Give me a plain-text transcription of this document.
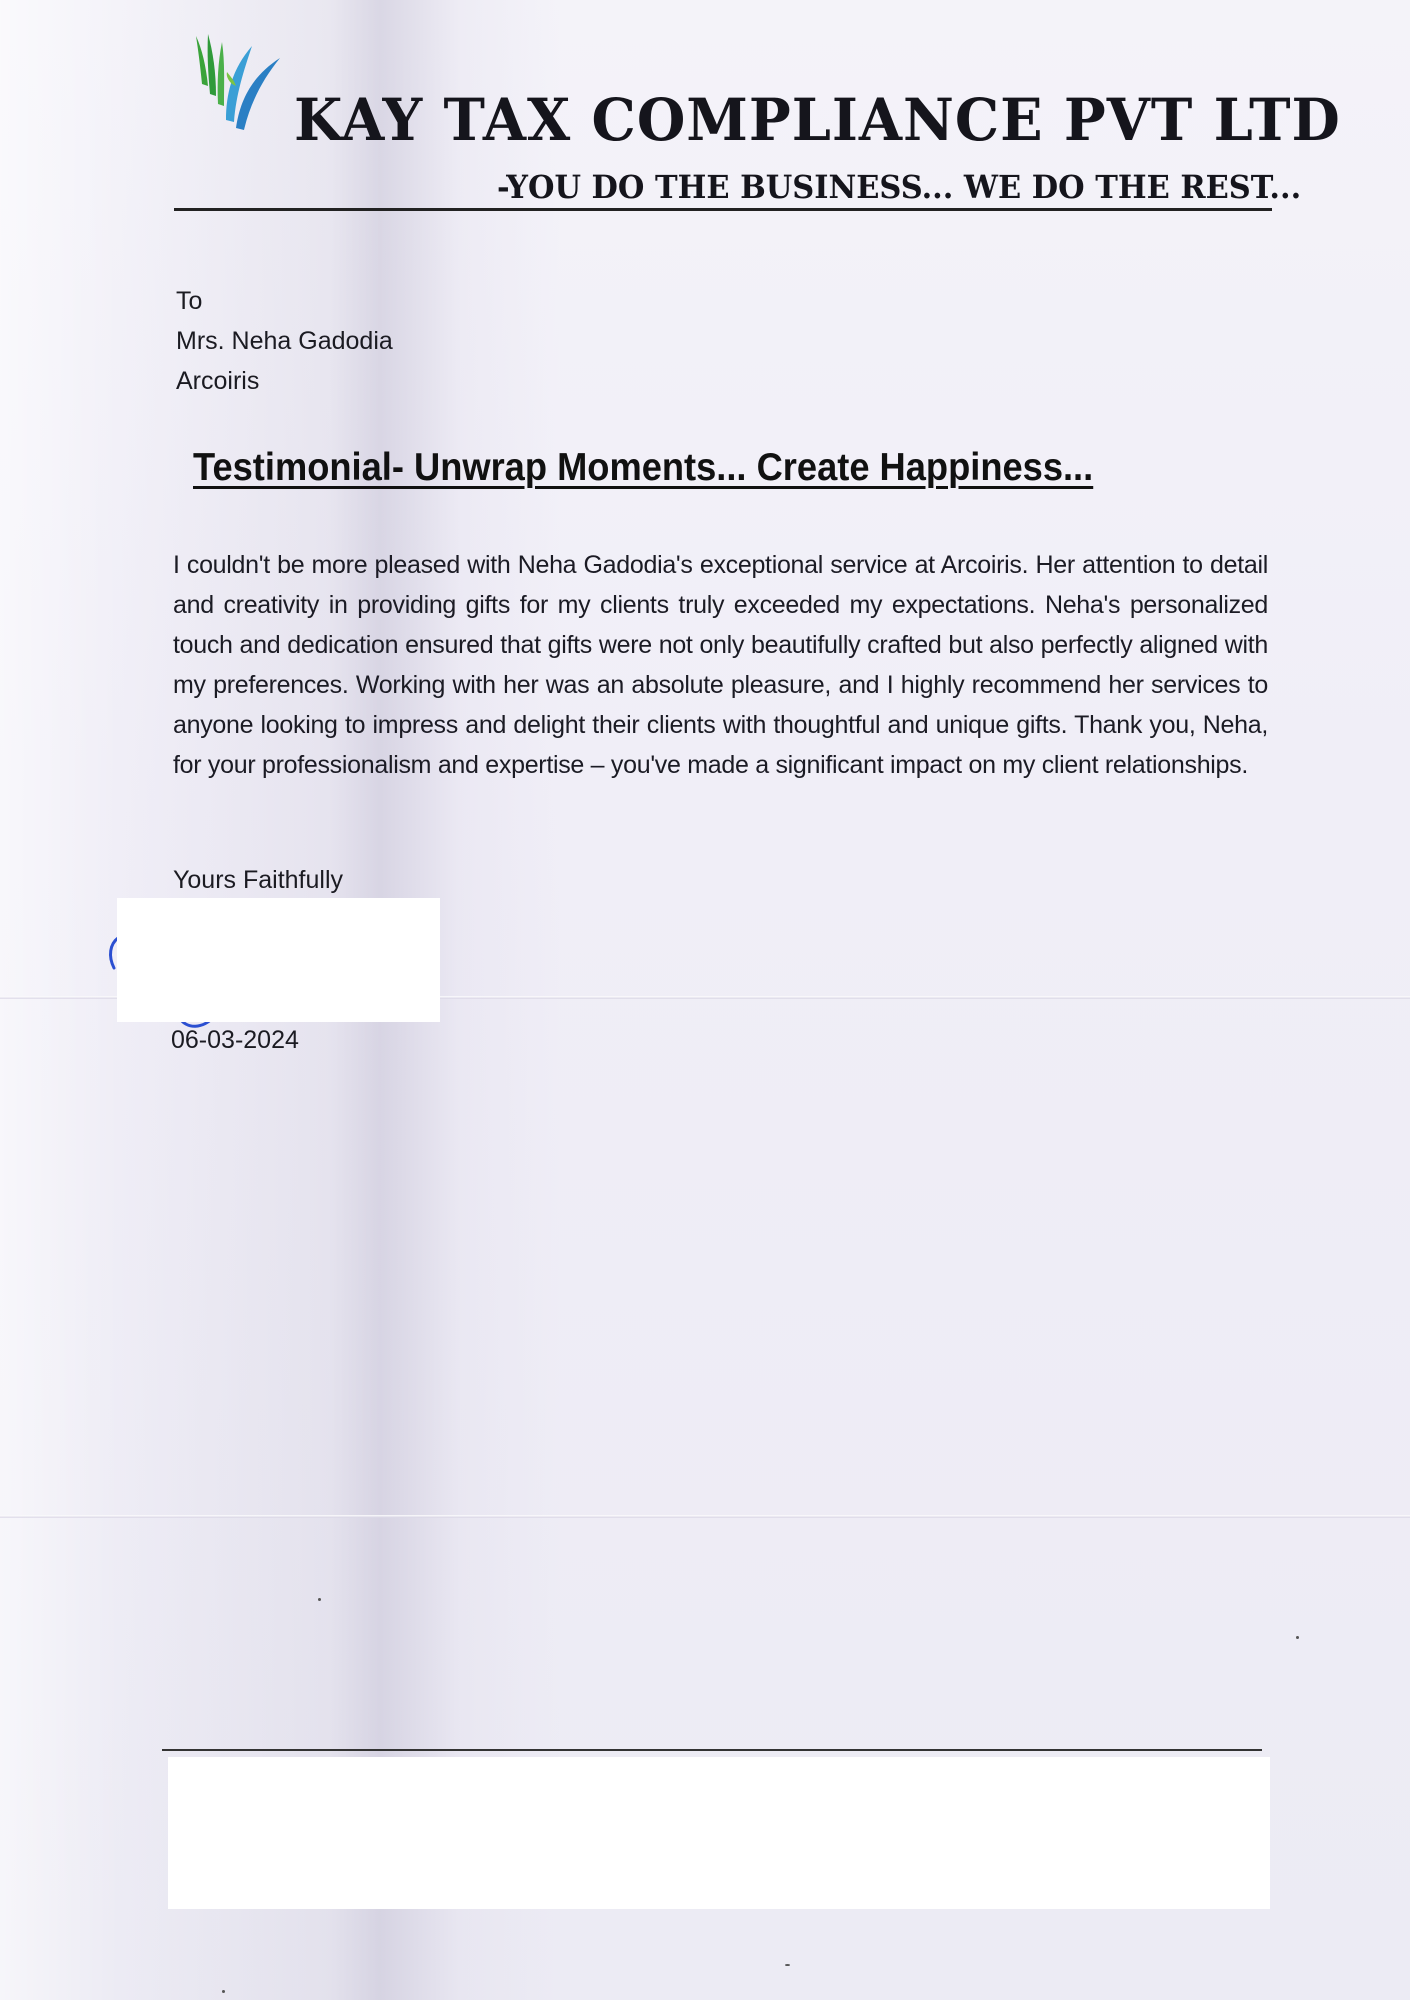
KAY TAX COMPLIANCE PVT LTD
-YOU DO THE BUSINESS... WE DO THE REST...
To
Mrs. Neha Gadodia
Arcoiris
Testimonial- Unwrap Moments... Create Happiness...
I couldn't be more pleased with Neha Gadodia's exceptional service at Arcoiris. Her attention to detail and creativity in providing gifts for my clients truly exceeded my expectations. Neha's personalized touch and dedication ensured that gifts were not only beautifully crafted but also perfectly aligned with my preferences. Working with her was an absolute pleasure, and I highly recommend her services to anyone looking to impress and delight their clients with thoughtful and unique gifts. Thank you, Neha, for your professionalism and expertise – you've made a significant impact on my client relationships.
Yours Faithfully
06-03-2024
